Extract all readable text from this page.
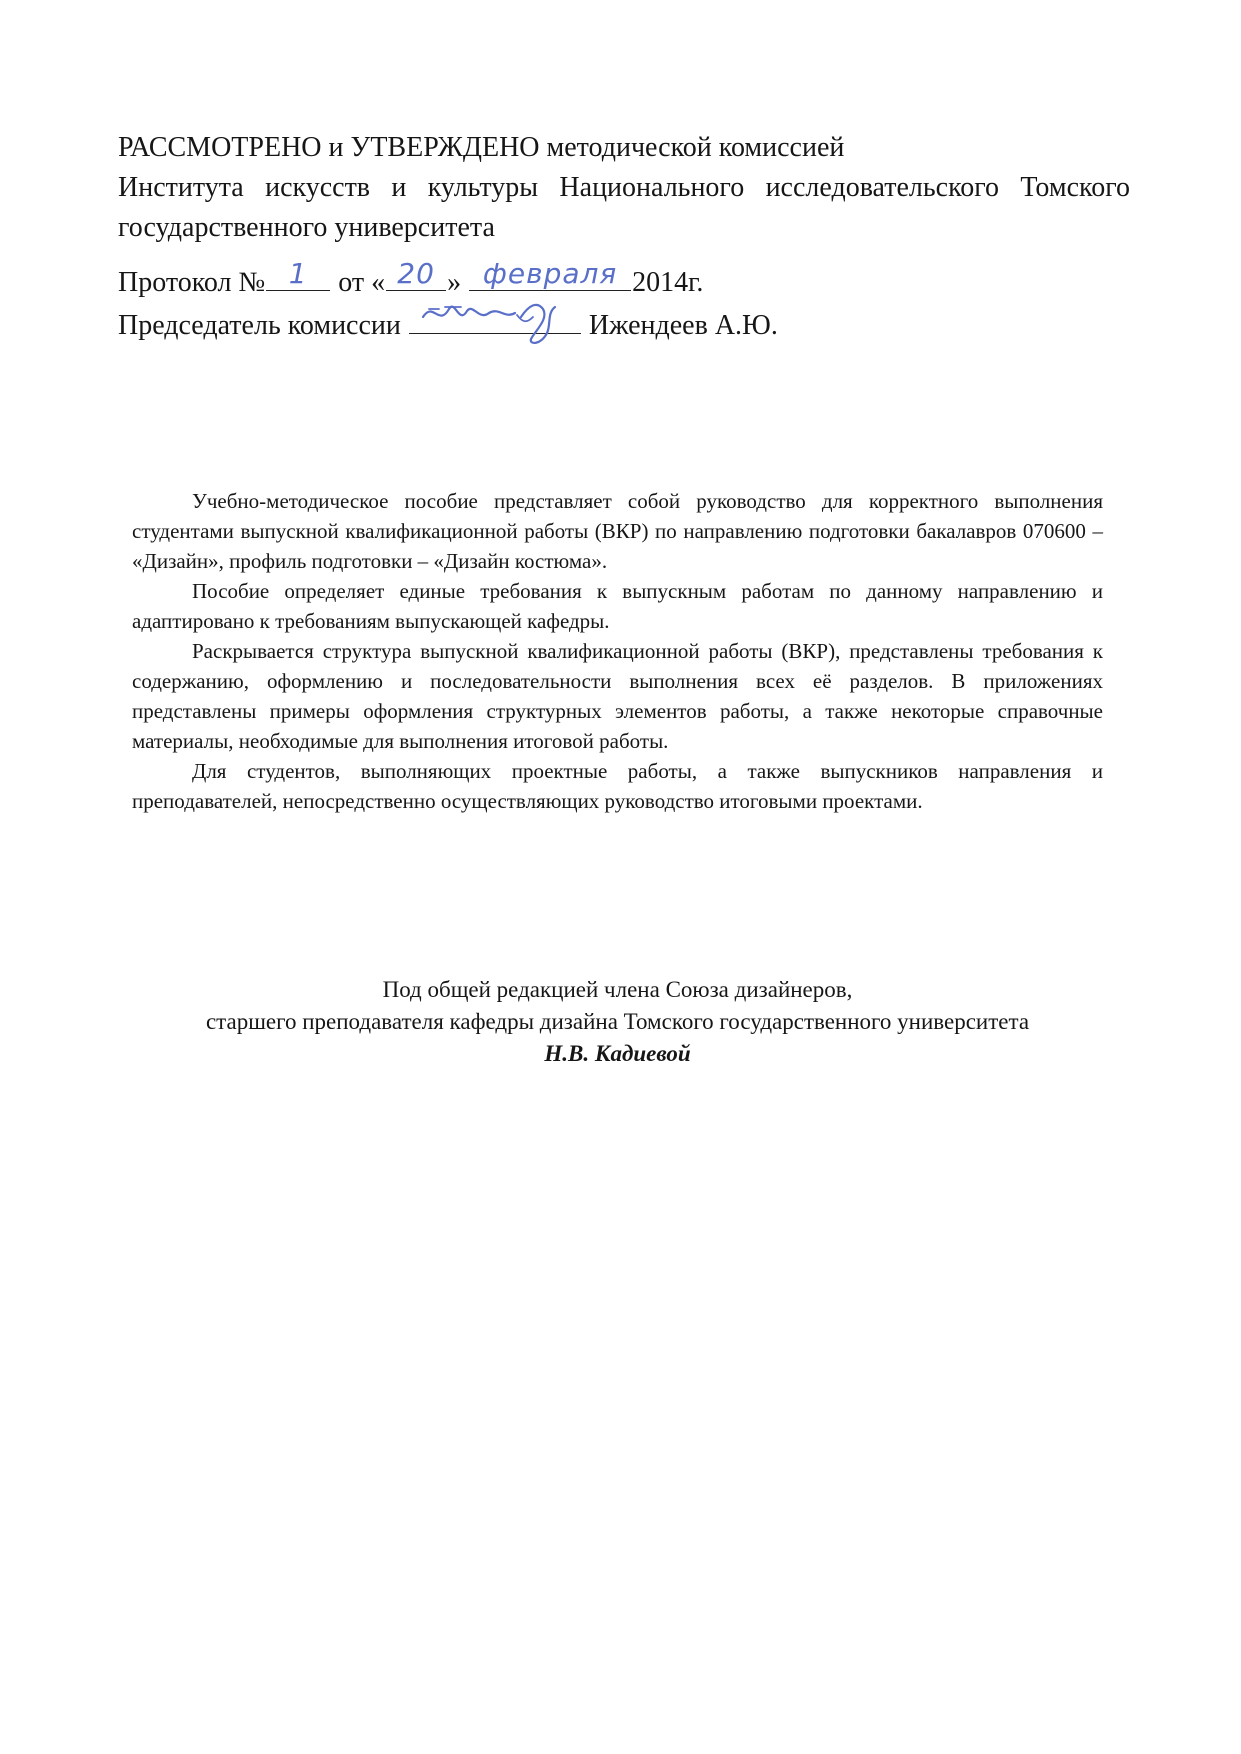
РАССМОТРЕНО и УТВЕРЖДЕНО методической комиссией
Института искусств и культуры Национального исследовательского Томского
государственного университета
Протокол № 1	от « 20 » февраля 2014г.
Председатель комиссии	Ижендеев А.Ю.

Учебно-методическое пособие представляет собой руководство для корректного выполнения студентами выпускной квалификационной работы (ВКР) по направлению подготовки бакалавров 070600 – «Дизайн», профиль подготовки – «Дизайн костюма».

Пособие определяет единые требования к выпускным работам по данному направлению и адаптировано к требованиям выпускающей кафедры.

Раскрывается структура выпускной квалификационной работы (ВКР), представлены требования к содержанию, оформлению и последовательности выполнения всех её разделов. В приложениях представлены примеры оформления структурных элементов работы, а также некоторые справочные материалы, необходимые для выполнения итоговой работы.

Для студентов, выполняющих проектные работы, а также выпускников направления и преподавателей, непосредственно осуществляющих руководство итоговыми проектами.

Под общей редакцией члена Союза дизайнеров,
старшего преподавателя кафедры дизайна Томского государственного университета
Н.В. Кадиевой
